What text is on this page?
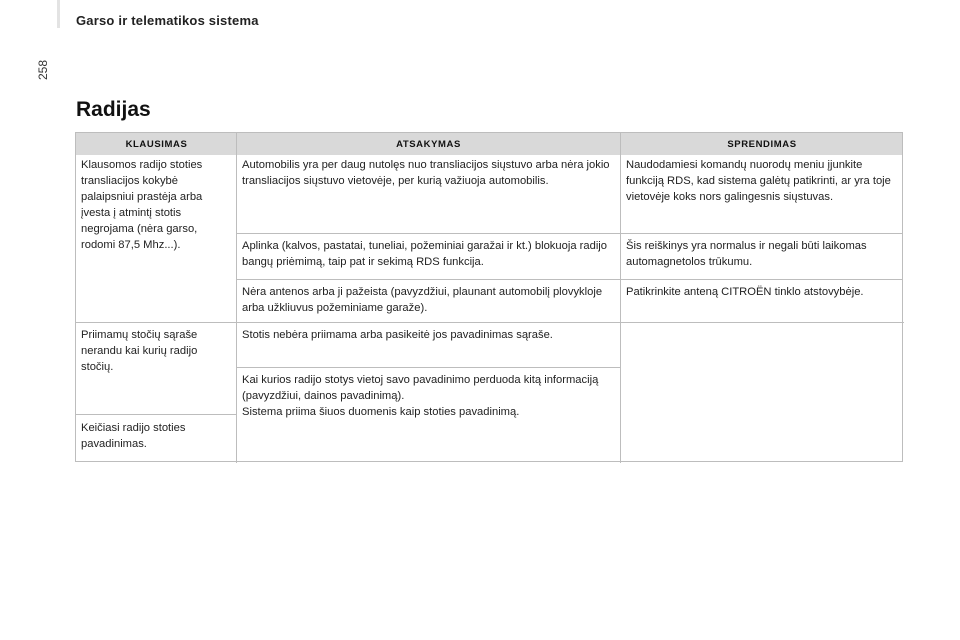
258
Garso ir telematikos sistema
Radijas
KLAUSIMAS	ATSAKYMAS	SPRENDIMAS
Klausomos radijo stoties transliacijos kokybė palaipsniui prastėja arba įvesta į atmintį stotis negrojama (nėra garso, rodomi 87,5 Mhz...).
Automobilis yra per daug nutolęs nuo transliacijos siųstuvo arba nėra jokio transliacijos siųstuvo vietovėje, per kurią važiuoja automobilis.
Naudodamiesi komandų nuorodų meniu įjunkite funkciją RDS, kad sistema galėtų patikrinti, ar yra toje vietovėje koks nors galingesnis siųstuvas.
Aplinka (kalvos, pastatai, tuneliai, požeminiai garažai ir kt.) blokuoja radijo bangų priėmimą, taip pat ir sekimą RDS funkcija.
Šis reiškinys yra normalus ir negali būti laikomas automagnetolos trūkumu.
Nėra antenos arba ji pažeista (pavyzdžiui, plaunant automobilį plovykloje arba užkliuvus požeminiame garaže).
Patikrinkite anteną CITROËN tinklo atstovybėje.
Priimamų stočių sąraše nerandu kai kurių radijo stočių.
Keičiasi radijo stoties pavadinimas.
Stotis nebėra priimama arba pasikeitė jos pavadinimas sąraše.
Kai kurios radijo stotys vietoj savo pavadinimo perduoda kitą informaciją (pavyzdžiui, dainos pavadinimą).
Sistema priima šiuos duomenis kaip stoties pavadinimą.
